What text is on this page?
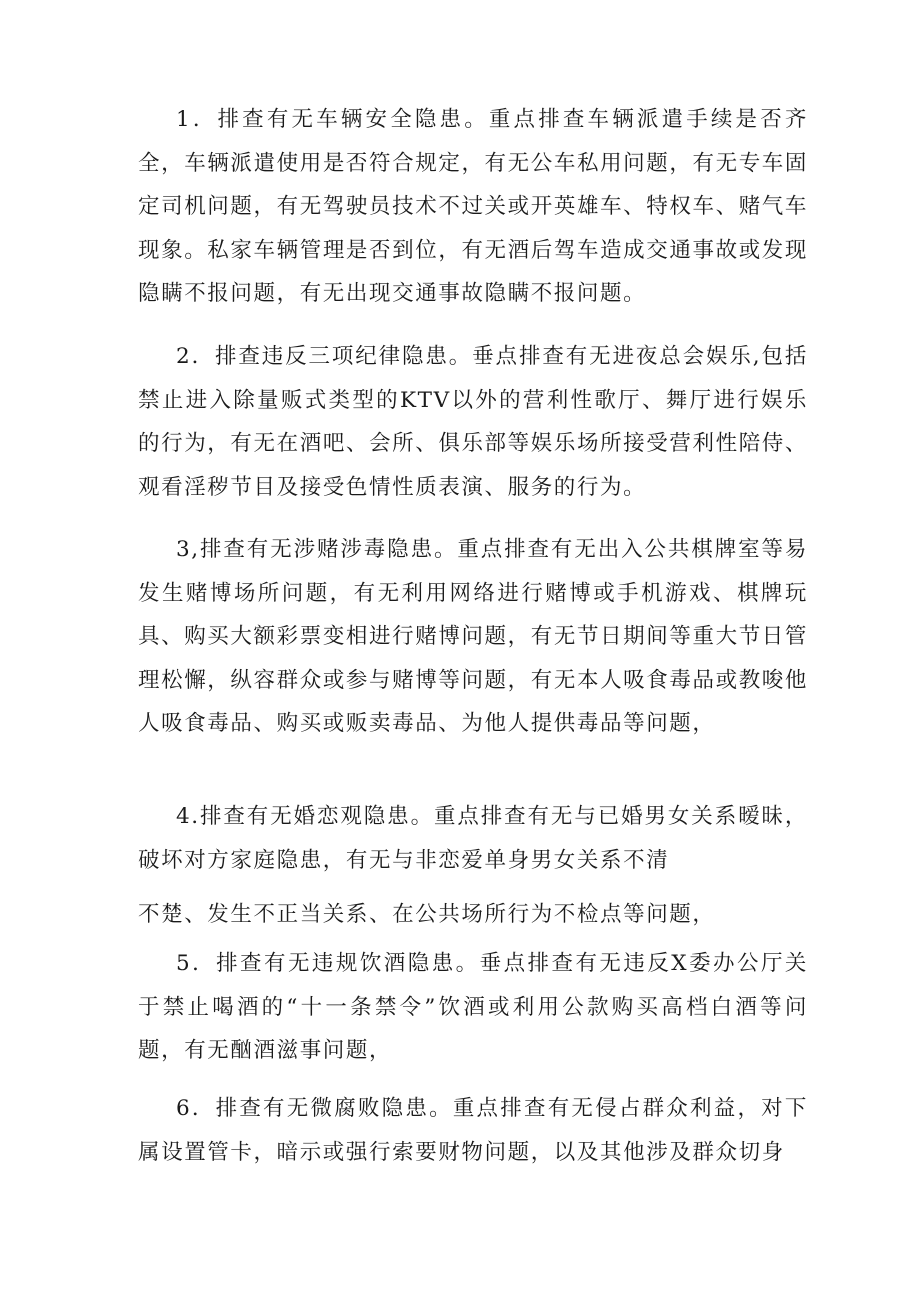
1．排查有无车辆安全隐患。重点排查车辆派遣手续是否齐全，车辆派遣使用是否符合规定，有无公车私用问题，有无专车固定司机问题，有无驾驶员技术不过关或开英雄车、特权车、赌气车现象。私家车辆管理是否到位，有无酒后驾车造成交通事故或发现隐瞒不报问题，有无出现交通事故隐瞒不报问题。

2．排查违反三项纪律隐患。垂点排查有无进夜总会娱乐,包括禁止进入除量贩式类型的KTV以外的营利性歌厅、舞厅进行娱乐的行为，有无在酒吧、会所、俱乐部等娱乐场所接受营利性陪侍、观看淫秽节目及接受色情性质表演、服务的行为。

3,排查有无涉赌涉毒隐患。重点排查有无出入公共棋牌室等易发生赌博场所问题，有无利用网络进行赌博或手机游戏、棋牌玩具、购买大额彩票变相进行赌博问题，有无节日期间等重大节日管理松懈，纵容群众或参与赌博等问题，有无本人吸食毒品或教唆他人吸食毒品、购买或贩卖毒品、为他人提供毒品等问题，

4.排查有无婚恋观隐患。重点排查有无与已婚男女关系暧昧，破坏对方家庭隐患，有无与非恋爱单身男女关系不清

不楚、发生不正当关系、在公共场所行为不检点等问题，

5．排查有无违规饮酒隐患。垂点排查有无违反X委办公厅关于禁止喝酒的“十一条禁令”饮酒或利用公款购买高档白酒等问题，有无酗酒滋事问题，

6．排查有无微腐败隐患。重点排查有无侵占群众利益，对下属设置管卡，暗示或强行索要财物问题，以及其他涉及群众切身
